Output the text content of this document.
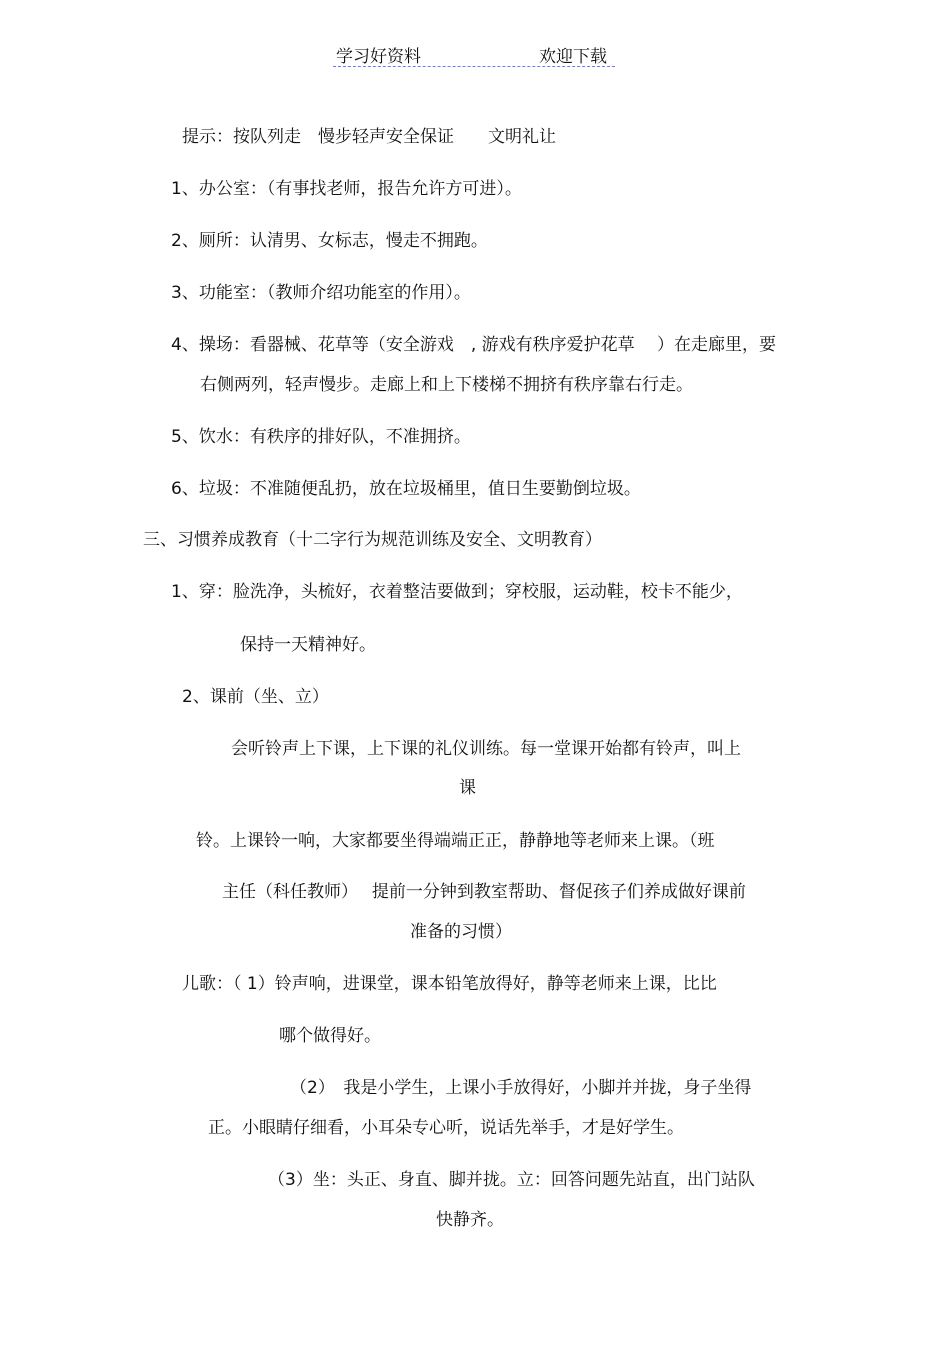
学习好资料	欢迎下载
提示：按队列走　慢步轻声安全保证　　文明礼让
1、办公室：（有事找老师，报告允许方可进）。
2、厕所：认清男、女标志，慢走不拥跑。
3、功能室：（教师介绍功能室的作用）。
4、操场：看器械、花草等（安全游戏　, 游戏有秩序爱护花草　 ）在走廊里，要
右侧两列，轻声慢步。走廊上和上下楼梯不拥挤有秩序靠右行走。
5、饮水：有秩序的排好队，不准拥挤。
6、垃圾：不准随便乱扔，放在垃圾桶里，值日生要勤倒垃圾。
三、习惯养成教育（十二字行为规范训练及安全、文明教育）
1、穿：脸洗净，头梳好，衣着整洁要做到；穿校服，运动鞋，校卡不能少，
保持一天精神好。
2、课前（坐、立）
会听铃声上下课，上下课的礼仪训练。每一堂课开始都有铃声，叫上
课
铃。上课铃一响，大家都要坐得端端正正，静静地等老师来上课。（班
主任（科任教师）　 提前一分钟到教室帮助、督促孩子们养成做好课前
准备的习惯）
儿歌：（ 1）铃声响，进课堂，课本铅笔放得好，静等老师来上课，比比
哪个做得好。
（2）　我是小学生，上课小手放得好，小脚并并拢，身子坐得
正。小眼睛仔细看，小耳朵专心听，说话先举手，才是好学生。
（3）坐：头正、身直、脚并拢。立：回答问题先站直，出门站队
快静齐。
